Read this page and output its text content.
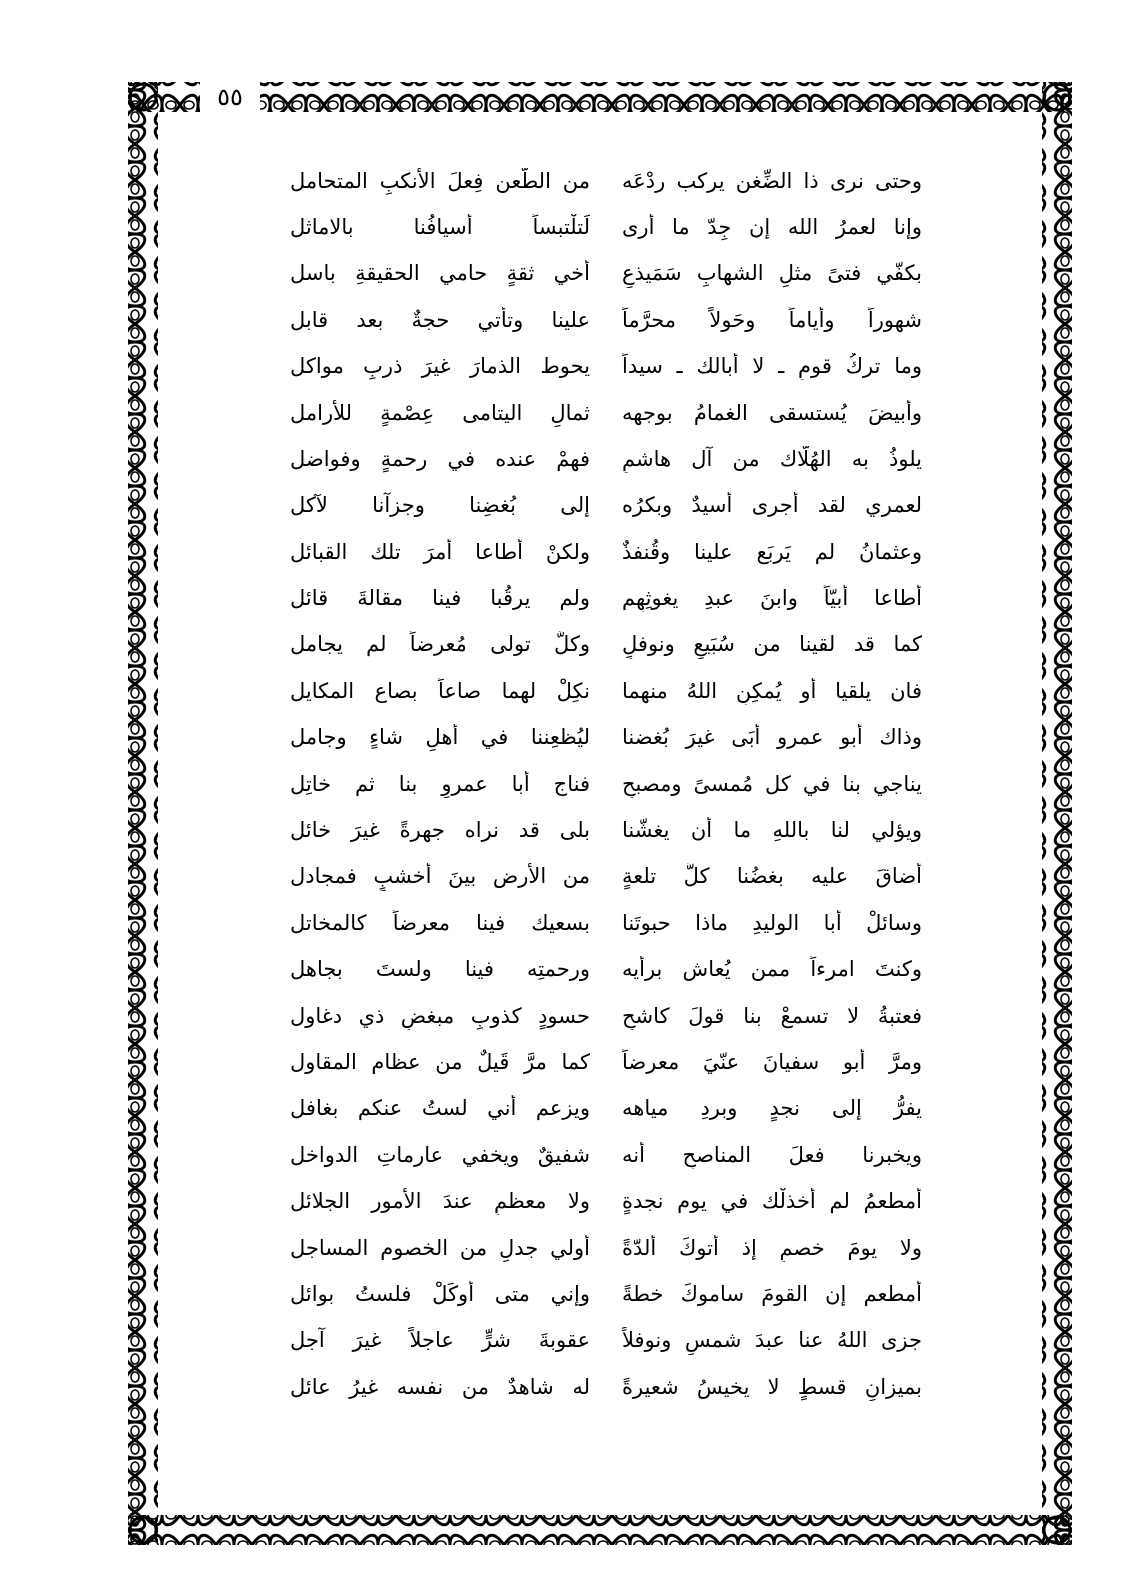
٥٥
وحتى نرى ذا الضِّغن يركب ردْعَه
من الطَّعن فِعلَ الأنكبِ المتحامل
وإنا لعمرُ الله إن جِدّ ما أرى
لَتلْتبساً أسيافُنا بالاماثل
بكفّي فتىً مثلِ الشهابِ سَمَيذعٍ
أخي ثقةٍ حامي الحقيقةِ باسل
شهوراً وأياماً وحَولاً محرَّماً
علينا وتأتي حجةٌ بعد قابل
وما تركُ قومٍ ـ لا أبالك ـ سيداً
يحوط الذمارَ غيرَ ذربٍ مواكل
وأبيضَ يُستسقى الغمامُ بوجهه
ثمالِ اليتامى عِصْمةٍ للأرامل
يلوذُ به الهُلّاك من آل هاشمٍ
فهمْ عنده في رحمةٍ وفواضل
لعمري لقد أجرى أسيدٌ وبكرُه
إلى بُغضِنا وجزآنا لآكل
وعثمانُ لم يَربَع علينا وقُنفذٌ
ولكنْ أطاعا أمرَ تلك القبائل
أطاعا أبيّاً وابنَ عبدِ يغوثِهِم
ولم يرقُبا فينا مقالةَ قائل
كما قد لقينا من سُبَيعٍ ونوفلٍ
وكلٌّ تولى مُعرضاً لم يجامل
فان يلقيا أو يُمكِنِ اللهُ منهما
نكِلْ لهما صاعاً بصاع المكايل
وذاك أبو عمرو أبَى غيرَ بُغضنا
ليُظعِننا في أهلِ شاءٍ وجامل
يناجي بنا في كل مُمسىً ومصبحٍ
فناجِ أبا عمروٍ بنا ثم خاتِل
ويؤلي لنا باللهِ ما أن يغشّنا
بلى قد نراه جهرةً غيرَ خائل
أضاقَ عليه بغضُنا كلَّ تلعةٍ
من الأرض بينَ أخشبٍ فمجادل
وسائلْ أبا الوليدِ ماذا حبوتَنا
بسعيك فينا معرضاً كالمخاتل
وكنتَ امرءاً ممن يُعاش برأيه
ورحمتِه فينا ولستَ بجاهل
فعتبةُ لا تسمعْ بنا قولَ كاشحٍ
حسودٍ كذوبٍ مبغضٍ ذي دغاول
ومرَّ أبو سفيانَ عنّيَ معرضاً
كما مرَّ قَيلٌ من عظام المقاول
يفرُّ إلى نجدٍ وبردِ مياهه
ويزعم أني لستُ عنكم بغافل
ويخبرنا فعلَ المناصحِ أنه
شفيقٌ ويخفي عارماتِ الدواخل
أمطعمُ لم أخذلْك في يوم نجدةٍ
ولا معظمٍ عندَ الأمور الجلائل
ولا يومَ خصمٍ إذ أتوكَ ألدّةً
أولي جدلٍ من الخصوم المساجل
أمطعم إن القومَ ساموكَ خطةً
وإني متى أوكَلْ فلستُ بوائل
جزى اللهُ عنا عبدَ شمسٍ ونوفلاً
عقوبةَ شرٍّ عاجلاً غيرَ آجل
بميزانِ قسطٍ لا يخيسُ شعيرةً
له شاهدٌ من نفسه غيرُ عائل
